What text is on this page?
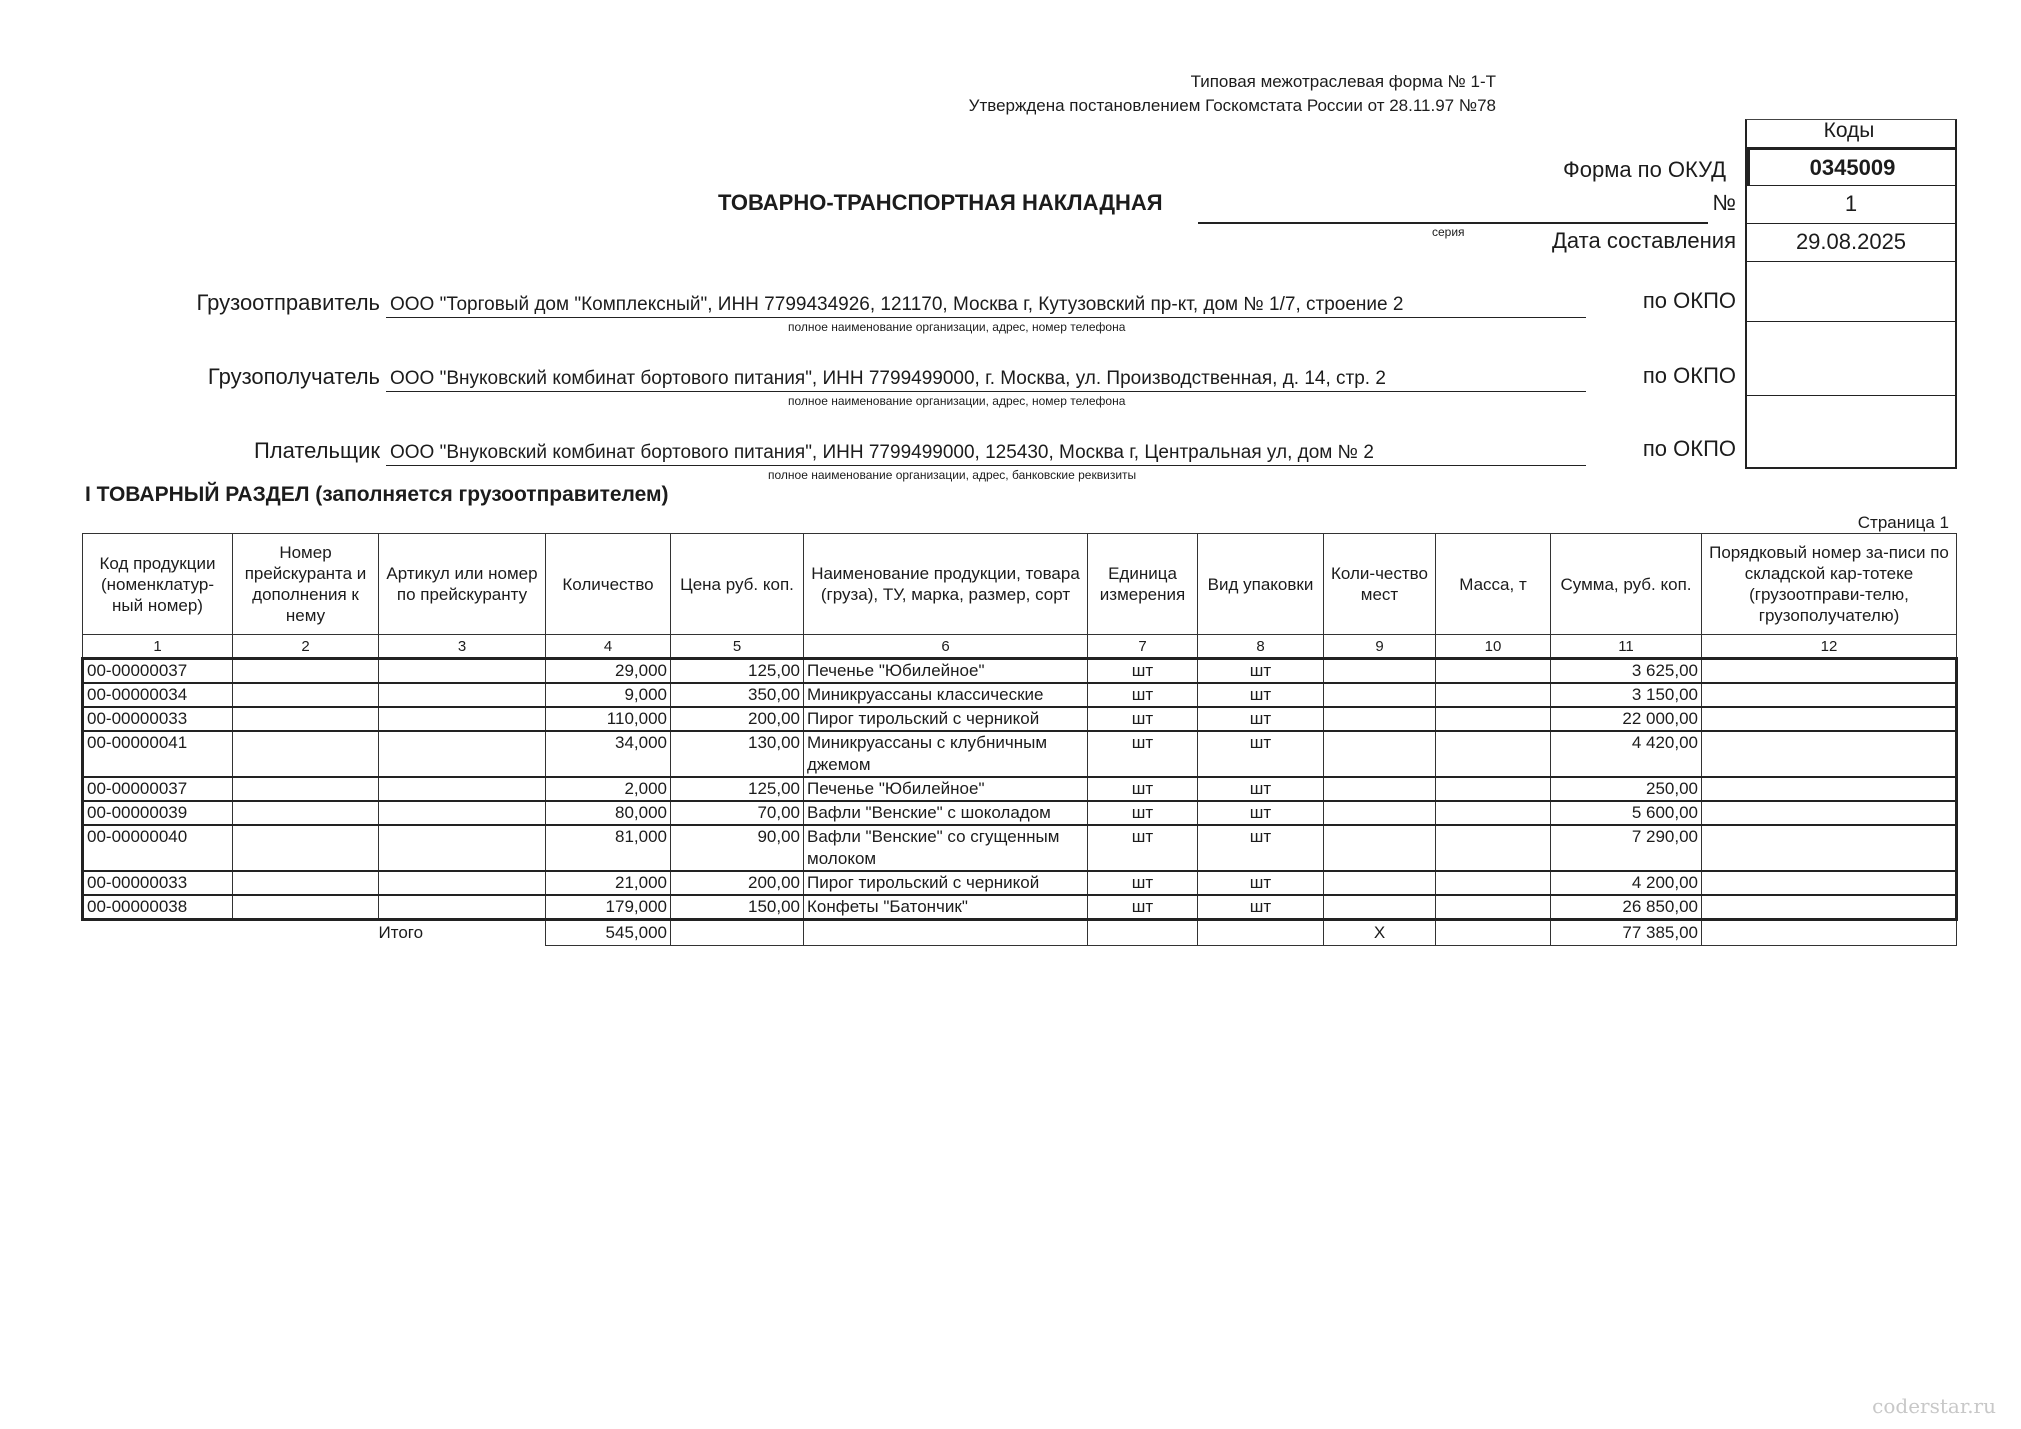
Типовая межотраслевая форма № 1-Т
Утверждена постановлением Госкомстата России от 28.11.97 №78
ТОВАРНО-ТРАНСПОРТНАЯ НАКЛАДНАЯ
серия
Форма по ОКУД
№
Дата составления
по ОКПО
по ОКПО
по ОКПО
Коды
0345009
1
29.08.2025
Грузоотправитель ООО "Торговый дом "Комплексный", ИНН 7799434926, 121170, Москва г, Кутузовский пр-кт, дом № 1/7, строение 2
полное наименование организации, адрес, номер телефона
Грузополучатель ООО "Внуковский комбинат бортового питания", ИНН 7799499000, г. Москва, ул. Производственная, д. 14, стр. 2
полное наименование организации, адрес, номер телефона
Плательщик ООО "Внуковский комбинат бортового питания", ИНН 7799499000, 125430, Москва г, Центральная ул, дом № 2
полное наименование организации, адрес, банковские реквизиты
I ТОВАРНЫЙ РАЗДЕЛ (заполняется грузоотправителем)
Страница 1
Код продукции (номенклатур-ный номер)	Номер прейскуранта и дополнения к нему	Артикул или номер по прейскуранту	Количество	Цена руб. коп.	Наименование продукции, товара (груза), ТУ, марка, размер, сорт	Единица измерения	Вид упаковки	Коли-чество мест	Масса, т	Сумма, руб. коп.	Порядковый номер за-писи по складской кар-тотеке (грузоотправи-телю, грузополучателю)
1	2	3	4	5	6	7	8	9	10	11	12
00-00000037			29,000	125,00	Печенье "Юбилейное"	шт	шт			3 625,00	
00-00000034			9,000	350,00	Миникруассаны классические	шт	шт			3 150,00	
00-00000033			110,000	200,00	Пирог тирольский с черникой	шт	шт			22 000,00	
00-00000041			34,000	130,00	Миникруассаны с клубничным джемом	шт	шт			4 420,00	
00-00000037			2,000	125,00	Печенье "Юбилейное"	шт	шт			250,00	
00-00000039			80,000	70,00	Вафли "Венские" с шоколадом	шт	шт			5 600,00	
00-00000040			81,000	90,00	Вафли "Венские" со сгущенным молоком	шт	шт			7 290,00	
00-00000033			21,000	200,00	Пирог тирольский с черникой	шт	шт			4 200,00	
00-00000038			179,000	150,00	Конфеты "Батончик"	шт	шт			26 850,00	
		Итого	545,000					X		77 385,00	
coderstar.ru
